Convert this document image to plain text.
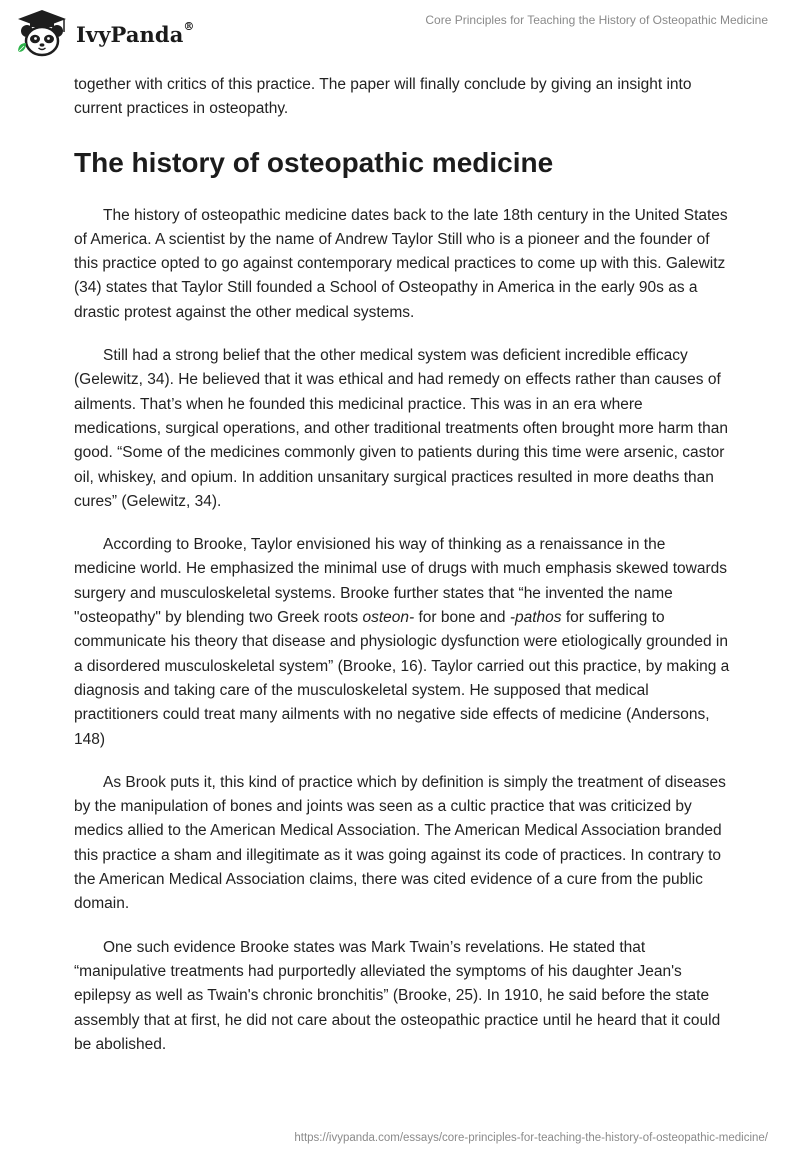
IvyPanda®	Core Principles for Teaching the History of Osteopathic Medicine

together with critics of this practice. The paper will finally conclude by giving an insight into current practices in osteopathy.

The history of osteopathic medicine

The history of osteopathic medicine dates back to the late 18th century in the United States of America. A scientist by the name of Andrew Taylor Still who is a pioneer and the founder of this practice opted to go against contemporary medical practices to come up with this. Galewitz (34) states that Taylor Still founded a School of Osteopathy in America in the early 90s as a drastic protest against the other medical systems.

Still had a strong belief that the other medical system was deficient incredible efficacy (Gelewitz, 34). He believed that it was ethical and had remedy on effects rather than causes of ailments. That’s when he founded this medicinal practice. This was in an era where medications, surgical operations, and other traditional treatments often brought more harm than good. “Some of the medicines commonly given to patients during this time were arsenic, castor oil, whiskey, and opium. In addition unsanitary surgical practices resulted in more deaths than cures” (Gelewitz, 34).

According to Brooke, Taylor envisioned his way of thinking as a renaissance in the medicine world. He emphasized the minimal use of drugs with much emphasis skewed towards surgery and musculoskeletal systems. Brooke further states that “he invented the name "osteopathy" by blending two Greek roots osteon- for bone and -pathos for suffering to communicate his theory that disease and physiologic dysfunction were etiologically grounded in a disordered musculoskeletal system” (Brooke, 16). Taylor carried out this practice, by making a diagnosis and taking care of the musculoskeletal system. He supposed that medical practitioners could treat many ailments with no negative side effects of medicine (Andersons, 148)

As Brook puts it, this kind of practice which by definition is simply the treatment of diseases by the manipulation of bones and joints was seen as a cultic practice that was criticized by medics allied to the American Medical Association. The American Medical Association branded this practice a sham and illegitimate as it was going against its code of practices. In contrary to the American Medical Association claims, there was cited evidence of a cure from the public domain.

One such evidence Brooke states was Mark Twain’s revelations. He stated that “manipulative treatments had purportedly alleviated the symptoms of his daughter Jean's epilepsy as well as Twain's chronic bronchitis” (Brooke, 25). In 1910, he said before the state assembly that at first, he did not care about the osteopathic practice until he heard that it could be abolished.

https://ivypanda.com/essays/core-principles-for-teaching-the-history-of-osteopathic-medicine/
